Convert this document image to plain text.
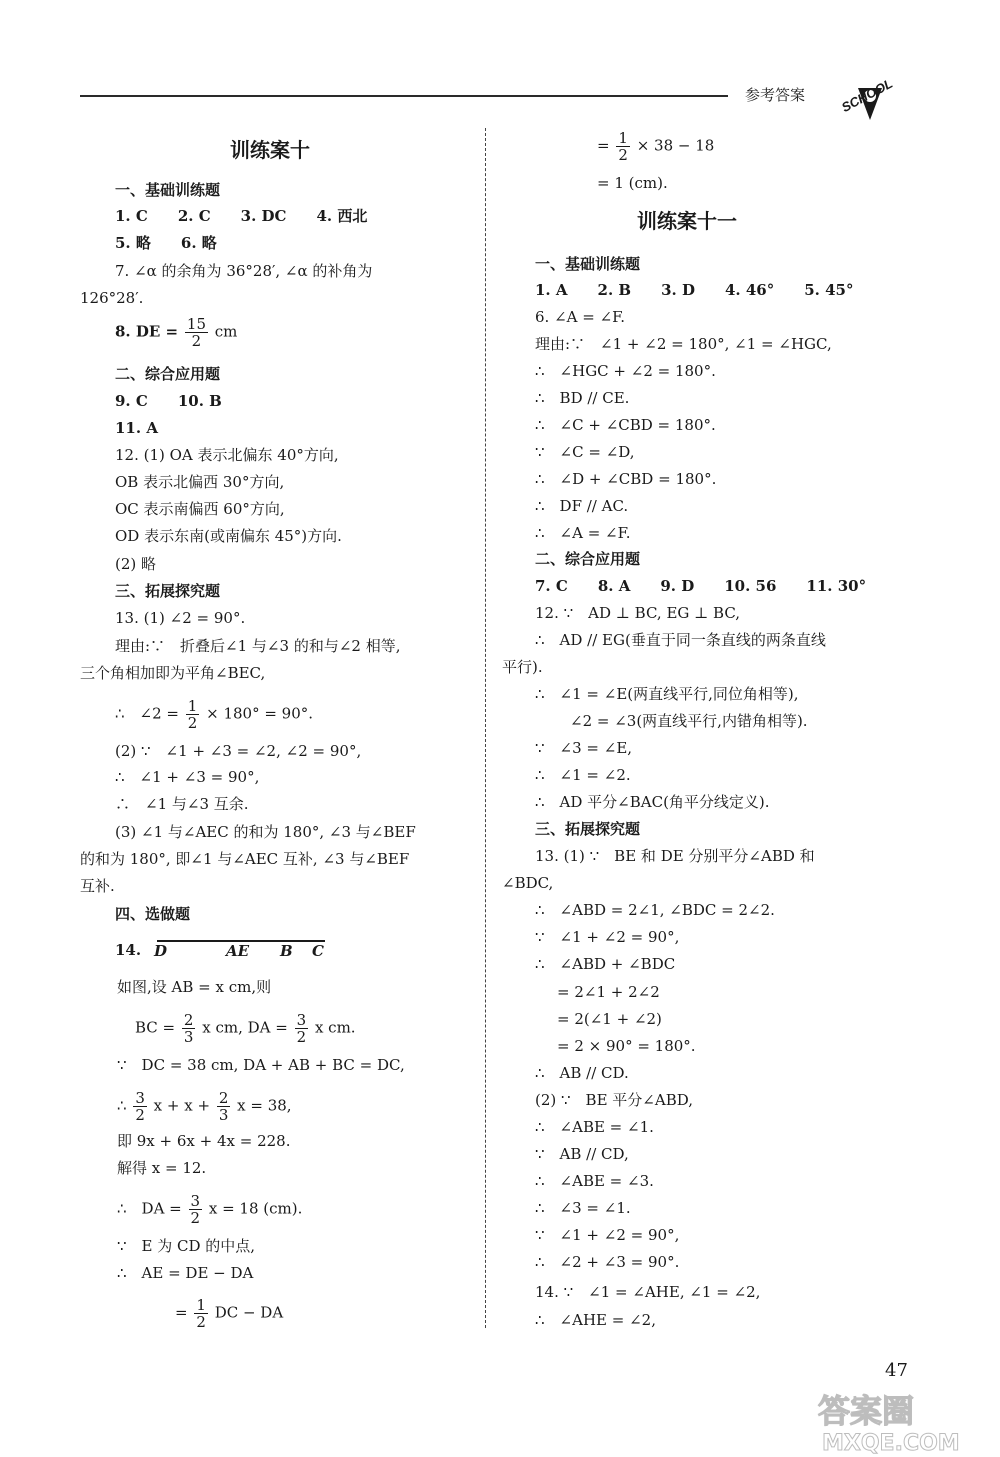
参考答案	SCHOOL
训练案十
一、基础训练题
1. C　　2. C　　3. DC　　4. 西北
5. 略　　6. 略
7. ∠α 的余角为 36°28′, ∠α 的补角为
126°28′.
8. DE = $\frac{15}{2}$ cm
二、综合应用题
9. C　　10. B
11. A
12. (1) OA 表示北偏东 40°方向,
OB 表示北偏西 30°方向,
OC 表示南偏西 60°方向,
OD 表示东南(或南偏东 45°)方向.
(2) 略
三、拓展探究题
13. (1) ∠2 = 90°.
理由:∵　折叠后∠1 与∠3 的和与∠2 相等,
三个角相加即为平角∠BEC,
∴　∠2 = $\frac{1}{2} \times 180^\circ = 90^\circ$.
(2) ∵　∠1 + ∠3 = ∠2, ∠2 = 90°,
∴　∠1 + ∠3 = 90°,
∴　∠1 与∠3 互余.
(3) ∠1 与∠AEC 的和为 180°, ∠3 与∠BEF
的和为 180°, 即∠1 与∠AEC 互补, ∠3 与∠BEF
互补.
四、选做题
14. D	AE B C
如图,设 AB = x cm,则
BC = $\frac{2}{3}$ x cm, DA = $\frac{3}{2}$ x cm.
∵　DC = 38 cm, DA + AB + BC = DC,
∴ $\frac{3}{2}$ $x + x + \frac{2}{3}$ x = 38,
即 9x + 6x + 4x = 228.
解得 x = 12.
∴　DA = $\frac{3}{2}$ x = 18 (cm).
∵　E 为 CD 的中点,
∴　AE = DE − DA
= $\frac{1}{2}$ DC − DA
= $\frac{1}{2} \times 38 - 18$
= 1 (cm).
训练案十一
一、基础训练题
1. A　　2. B　　3. D　　4. 46°　　5. 45°
6. ∠A = ∠F.
理由:∵　∠1 + ∠2 = 180°, ∠1 = ∠HGC,
∴　∠HGC + ∠2 = 180°.
∴　BD // CE.
∴　∠C + ∠CBD = 180°.
∵　∠C = ∠D,
∴　∠D + ∠CBD = 180°.
∴　DF // AC.
∴　∠A = ∠F.
二、综合应用题
7. C　　8. A　　9. D　　10. 56　　11. 30°
12. ∵　AD ⊥ BC, EG ⊥ BC,
∴　AD // EG(垂直于同一条直线的两条直线
平行).
∴　∠1 = ∠E(两直线平行,同位角相等),
∠2 = ∠3(两直线平行,内错角相等).
∵　∠3 = ∠E,
∴　∠1 = ∠2.
∴　AD 平分∠BAC(角平分线定义).
三、拓展探究题
13. (1) ∵　BE 和 DE 分别平分∠ABD 和
∠BDC,
∴　∠ABD = 2∠1, ∠BDC = 2∠2.
∵　∠1 + ∠2 = 90°,
∴　∠ABD + ∠BDC
= 2∠1 + 2∠2
= 2(∠1 + ∠2)
= 2 × 90° = 180°.
∴　AB // CD.
(2) ∵　BE 平分∠ABD,
∴　∠ABE = ∠1.
∵　AB // CD,
∴　∠ABE = ∠3.
∴　∠3 = ∠1.
∵　∠1 + ∠2 = 90°,
∴　∠2 + ∠3 = 90°.
14. ∵　∠1 = ∠AHE, ∠1 = ∠2,
∴　∠AHE = ∠2,
47
答案圈
MXQE.COM
